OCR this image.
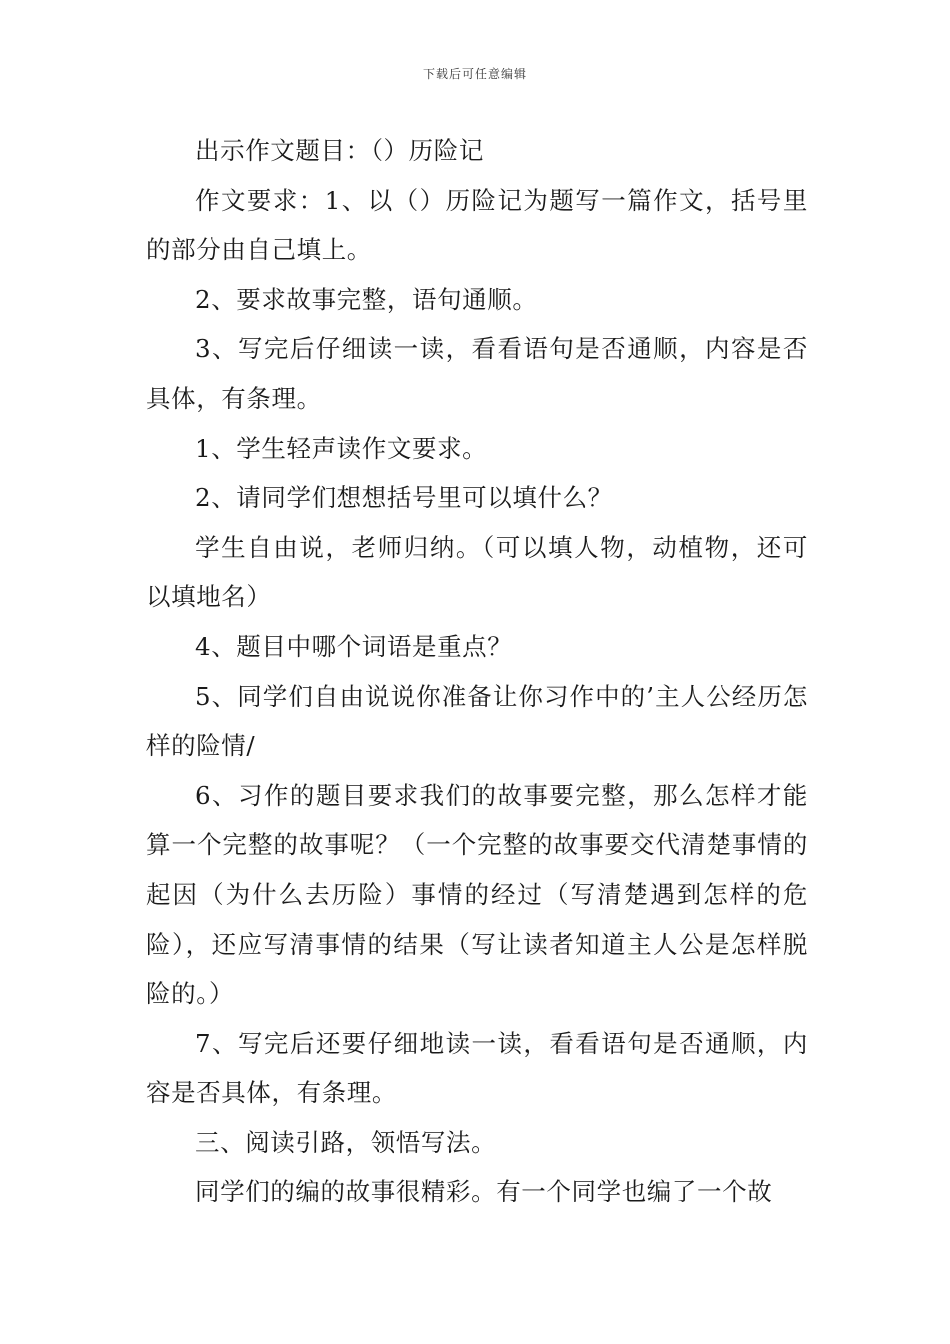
下载后可任意编辑

出示作文题目：（）历险记

作文要求：1、以（）历险记为题写一篇作文，括号里的部分由自己填上。

2、要求故事完整，语句通顺。

3、写完后仔细读一读，看看语句是否通顺，内容是否具体，有条理。

1、学生轻声读作文要求。

2、请同学们想想括号里可以填什么？

学生自由说，老师归纳。（可以填人物，动植物，还可以填地名）

4、题目中哪个词语是重点？

5、同学们自由说说你准备让你习作中的’主人公经历怎样的险情/

6、习作的题目要求我们的故事要完整，那么怎样才能算一个完整的故事呢？（一个完整的故事要交代清楚事情的起因（为什么去历险）事情的经过（写清楚遇到怎样的危险），还应写清事情的结果（写让读者知道主人公是怎样脱险的。）

7、写完后还要仔细地读一读，看看语句是否通顺，内容是否具体，有条理。

三、阅读引路，领悟写法。

同学们的编的故事很精彩。有一个同学也编了一个故
